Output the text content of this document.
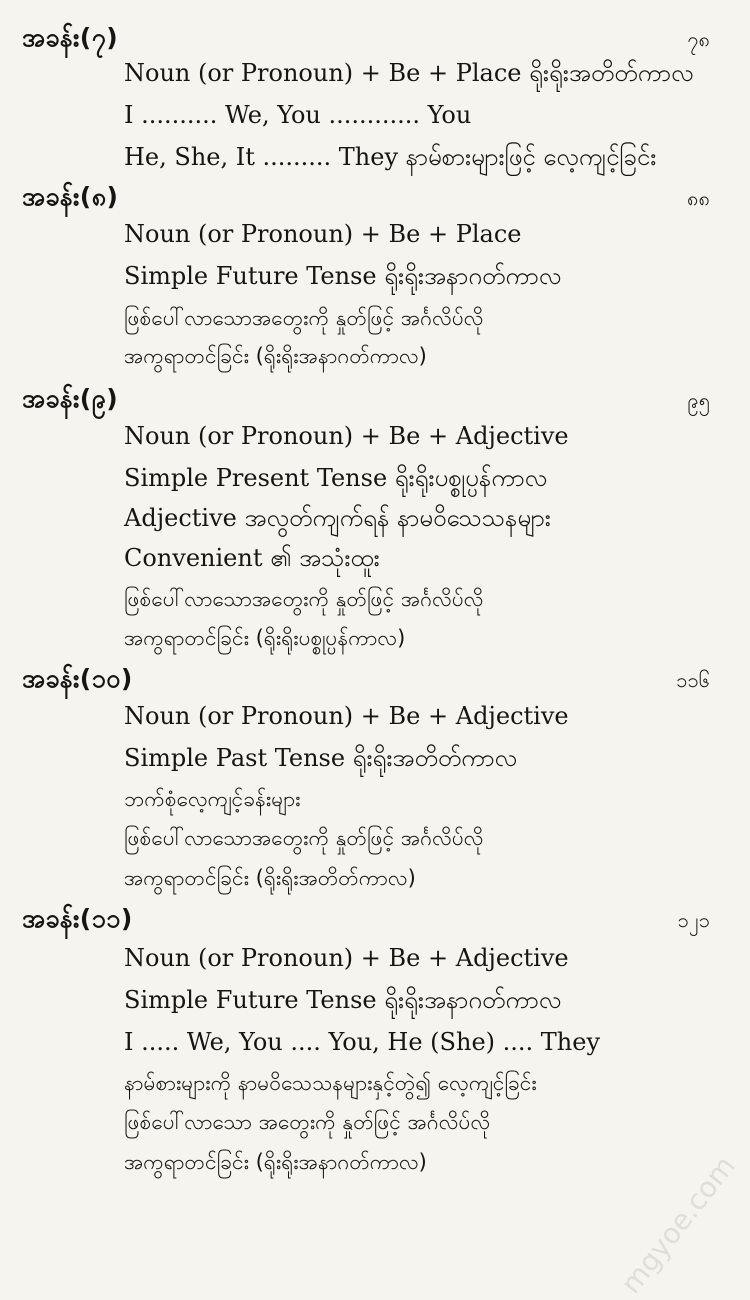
အခန်း(၇)	၇၈
Noun (or Pronoun) + Be + Place ရိုးရိုးအတိတ်ကာလ
I .......... We, You ............ You
He, She, It ......... They နာမ်စားများဖြင့် လေ့ကျင့်ခြင်း
အခန်း(၈)	၈၈
Noun (or Pronoun) + Be + Place
Simple Future Tense ရိုးရိုးအနာဂတ်ကာလ
ဖြစ်ပေါ်လာသောအတွေးကို နှုတ်ဖြင့် အင်္ဂလိပ်လို
အကွရာတင်ခြင်း (ရိုးရိုးအနာဂတ်ကာလ)
အခန်း(၉)	၉၅
Noun (or Pronoun) + Be + Adjective
Simple Present Tense ရိုးရိုးပစ္စုပ္ပန်ကာလ
Adjective အလွတ်ကျက်ရန် နာမဝိသေသနများ
Convenient ၏ အသုံးထူး
ဖြစ်ပေါ်လာသောအတွေးကို နှုတ်ဖြင့် အင်္ဂလိပ်လို
အကွရာတင်ခြင်း (ရိုးရိုးပစ္စုပ္ပန်ကာလ)
အခန်း(၁၀)	၁၁၆
Noun (or Pronoun) + Be + Adjective
Simple Past Tense ရိုးရိုးအတိတ်ကာလ
ဘက်စုံလေ့ကျင့်ခန်းများ
ဖြစ်ပေါ်လာသောအတွေးကို နှုတ်ဖြင့် အင်္ဂလိပ်လို
အကွရာတင်ခြင်း (ရိုးရိုးအတိတ်ကာလ)
အခန်း(၁၁)	၁၂၁
Noun (or Pronoun) + Be + Adjective
Simple Future Tense ရိုးရိုးအနာဂတ်ကာလ
I ..... We, You .... You, He (She) .... They
နာမ်စားများကို နာမဝိသေသနများနှင့်တွဲ၍ လေ့ကျင့်ခြင်း
ဖြစ်ပေါ်လာသော အတွေးကို နှုတ်ဖြင့် အင်္ဂလိပ်လို
အကွရာတင်ခြင်း (ရိုးရိုးအနာဂတ်ကာလ)	mgyoe.com
